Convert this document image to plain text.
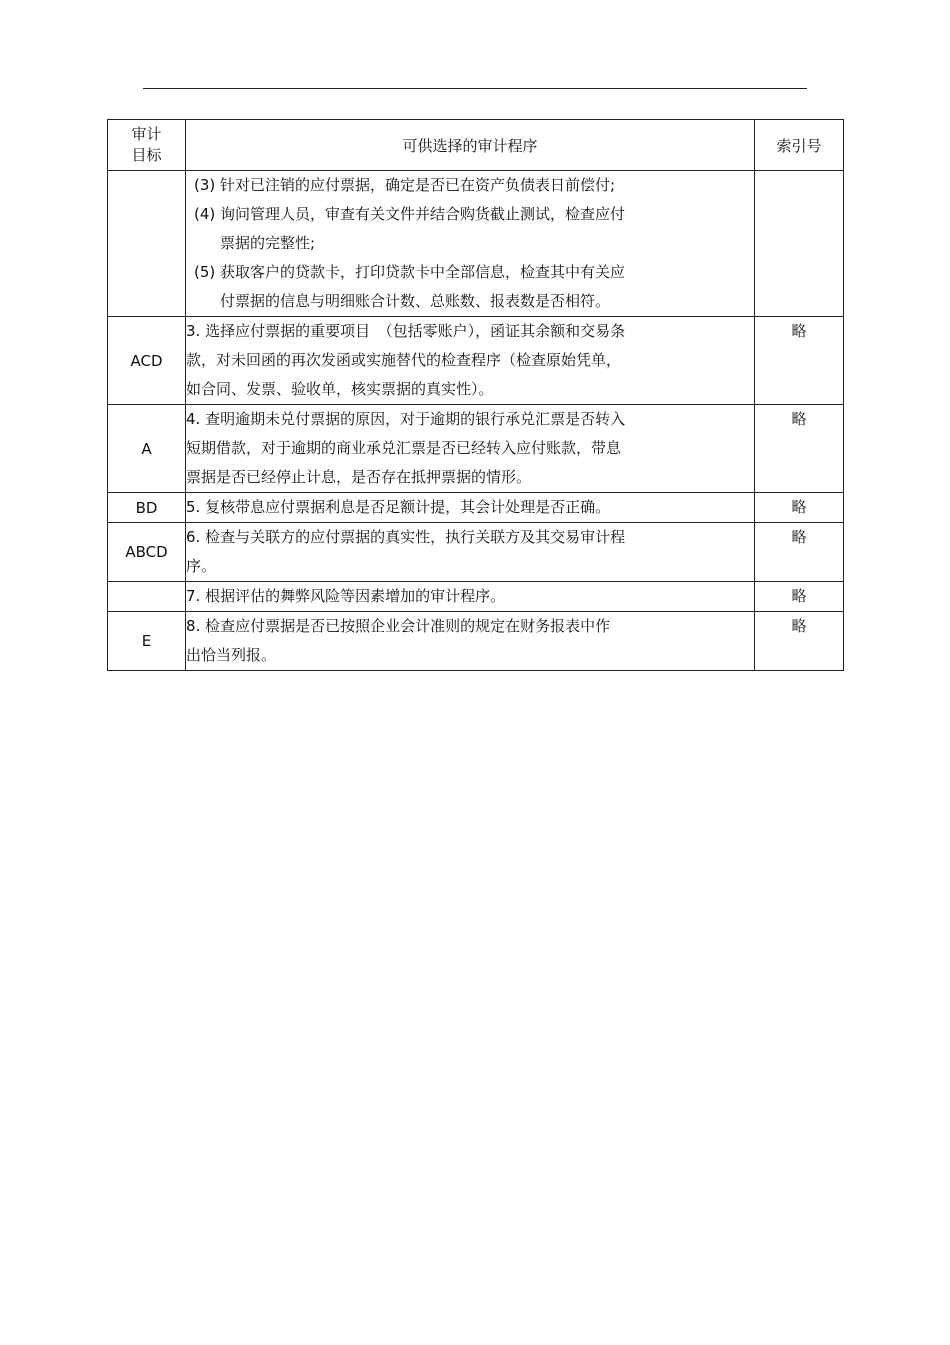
审计
目标	可供选择的审计程序	索引号

	(3) 针对已注销的应付票据，确定是否已在资产负债表日前偿付;
(4) 询问管理人员，审查有关文件并结合购货截止测试，检查应付
票据的完整性;
(5) 获取客户的贷款卡，打印贷款卡中全部信息，检查其中有关应
付票据的信息与明细账合计数、总账数、报表数是否相符。	

ACD	3. 选择应付票据的重要项目　（包括零账户），函证其余额和交易条
款，对未回函的再次发函或实施替代的检查程序（检查原始凭单，
如合同、发票、验收单，核实票据的真实性）。	略
A	4. 查明逾期未兑付票据的原因，对于逾期的银行承兑汇票是否转入
短期借款，对于逾期的商业承兑汇票是否已经转入应付账款，带息
票据是否已经停止计息，是否存在抵押票据的情形。	略
BD	5. 复核带息应付票据利息是否足额计提，其会计处理是否正确。	略
ABCD	6. 检查与关联方的应付票据的真实性，执行关联方及其交易审计程
序。	略

	7. 根据评估的舞弊风险等因素增加的审计程序。	略
E	8. 检查应付票据是否已按照企业会计准则的规定在财务报表中作
出恰当列报。	略
